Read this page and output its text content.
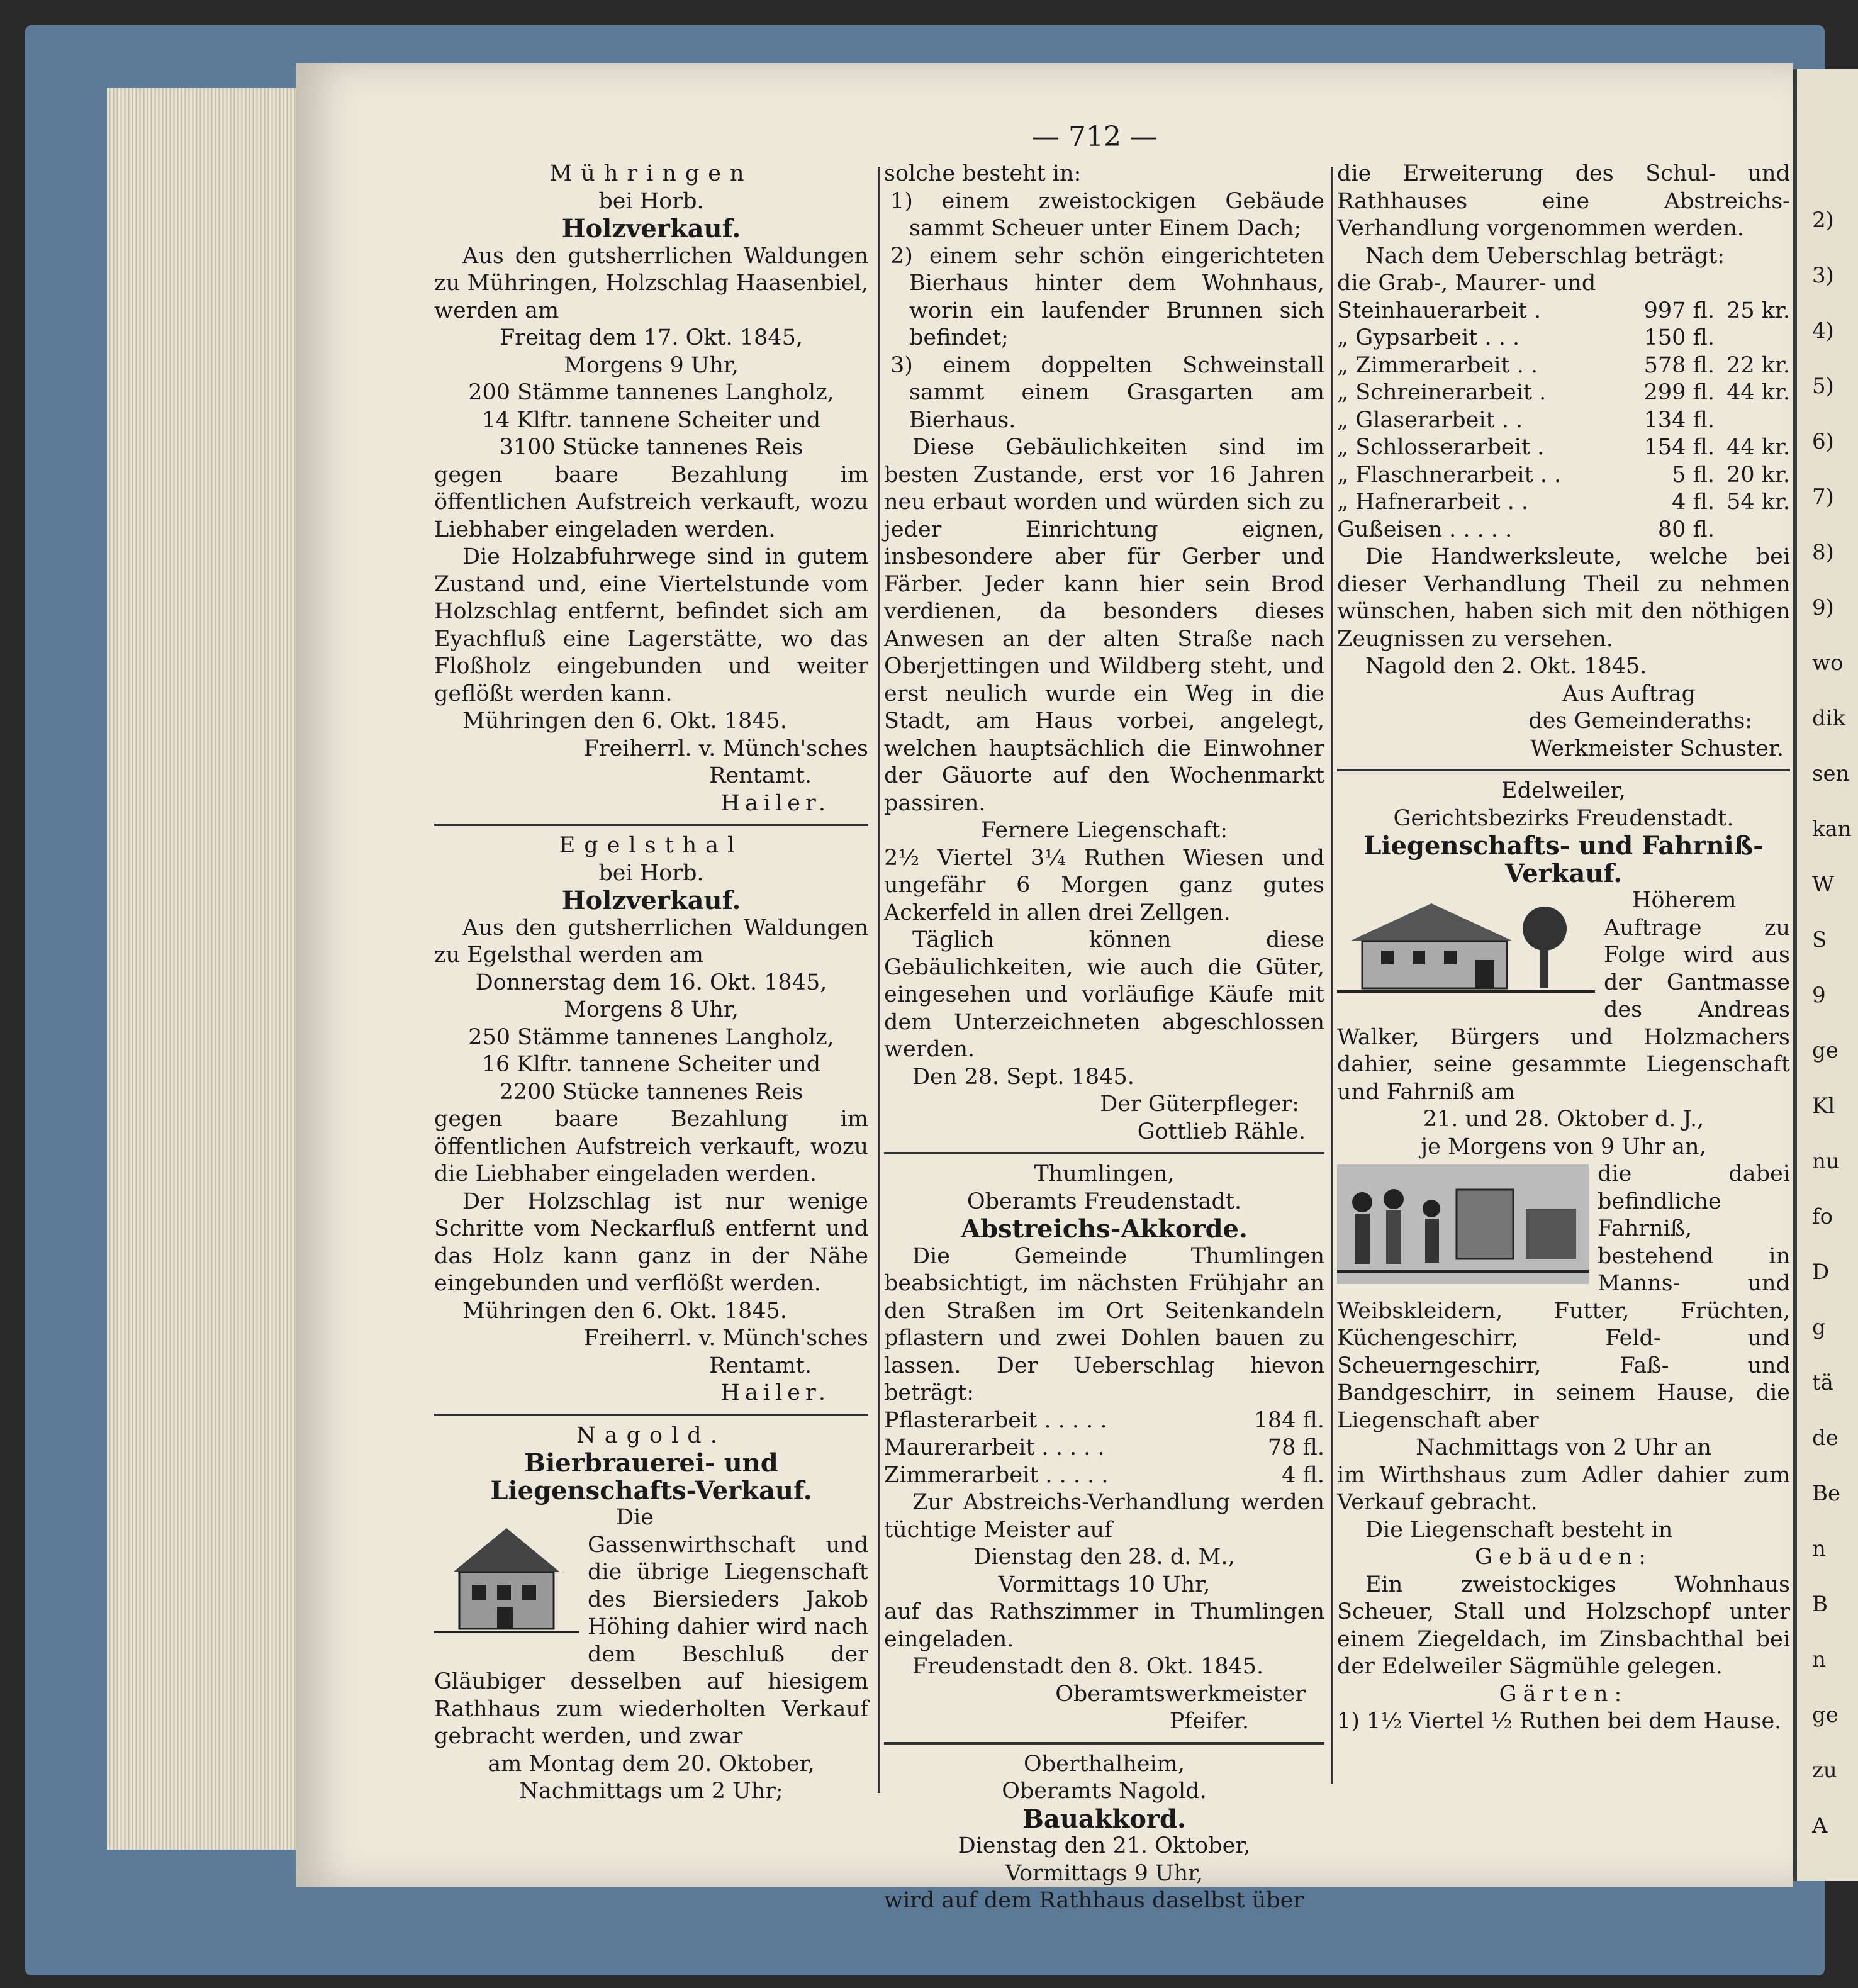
— 712 —

Mühringen

bei Horb.

Holzverkauf.

Aus den gutsherrlichen Waldungen zu Mühringen, Holzschlag Haasenbiel, werden am

Freitag dem 17. Okt. 1845,

Morgens 9 Uhr,

200 Stämme tannenes Langholz,

14 Klftr. tannene Scheiter und

3100 Stücke tannenes Reis

gegen baare Bezahlung im öffentlichen Aufstreich verkauft, wozu Liebhaber eingeladen werden.

Die Holzabfuhrwege sind in gutem Zustand und, eine Viertelstunde vom Holzschlag entfernt, befindet sich am Eyachfluß eine Lagerstätte, wo das Floßholz eingebunden und weiter geflößt werden kann.

Mühringen den 6. Okt. 1845.

Freiherrl. v. Münch'sches

Rentamt.

Hailer.

Egelsthal

bei Horb.

Holzverkauf.

Aus den gutsherrlichen Waldungen zu Egelsthal werden am

Donnerstag dem 16. Okt. 1845,

Morgens 8 Uhr,

250 Stämme tannenes Langholz,

16 Klftr. tannene Scheiter und

2200 Stücke tannenes Reis

gegen baare Bezahlung im öffentlichen Aufstreich verkauft, wozu die Liebhaber eingeladen werden.

Der Holzschlag ist nur wenige Schritte vom Neckarfluß entfernt und das Holz kann ganz in der Nähe eingebunden und verflößt werden.

Mühringen den 6. Okt. 1845.

Freiherrl. v. Münch'sches

Rentamt.

Hailer.

Nagold.

Bierbrauerei- und Liegenschafts-Verkauf.

Die Gassenwirthschaft und die übrige Liegenschaft des Biersieders Jakob Höhing dahier wird nach dem Beschluß der Gläubiger desselben auf hiesigem Rathhaus zum wiederholten Verkauf gebracht werden, und zwar

am Montag dem 20. Oktober,

Nachmittags um 2 Uhr;

solche besteht in:

1) einem zweistockigen Gebäude sammt Scheuer unter Einem Dach;

2) einem sehr schön eingerichteten Bierhaus hinter dem Wohnhaus, worin ein laufender Brunnen sich befindet;

3) einem doppelten Schweinstall sammt einem Grasgarten am Bierhaus.

Diese Gebäulichkeiten sind im besten Zustande, erst vor 16 Jahren neu erbaut worden und würden sich zu jeder Einrichtung eignen, insbesondere aber für Gerber und Färber. Jeder kann hier sein Brod verdienen, da besonders dieses Anwesen an der alten Straße nach Oberjettingen und Wildberg steht, und erst neulich wurde ein Weg in die Stadt, am Haus vorbei, angelegt, welchen hauptsächlich die Einwohner der Gäuorte auf den Wochenmarkt passiren.

Fernere Liegenschaft:

2½ Viertel 3¼ Ruthen Wiesen und ungefähr 6 Morgen ganz gutes Ackerfeld in allen drei Zellgen.

Täglich können diese Gebäulichkeiten, wie auch die Güter, eingesehen und vorläufige Käufe mit dem Unterzeichneten abgeschlossen werden.

Den 28. Sept. 1845.

Der Güterpfleger:

Gottlieb Rähle.

Thumlingen,

Oberamts Freudenstadt.

Abstreichs-Akkorde.

Die Gemeinde Thumlingen beabsichtigt, im nächsten Frühjahr an den Straßen im Ort Seitenkandeln pflastern und zwei Dohlen bauen zu lassen. Der Ueberschlag hievon beträgt:

Pflasterarbeit . . . . .	184 fl.
Maurerarbeit . . . . .	78 fl.
Zimmerarbeit . . . . .	4 fl.

Zur Abstreichs-Verhandlung werden tüchtige Meister auf

Dienstag den 28. d. M.,

Vormittags 10 Uhr,

auf das Rathszimmer in Thumlingen eingeladen.

Freudenstadt den 8. Okt. 1845.

Oberamtswerkmeister

Pfeifer.

Oberthalheim,

Oberamts Nagold.

Bauakkord.

Dienstag den 21. Oktober,

Vormittags 9 Uhr,

wird auf dem Rathhaus daselbst über

die Erweiterung des Schul- und Rathhauses eine Abstreichs-Verhandlung vorgenommen werden.

Nach dem Ueberschlag beträgt:

die Grab-, Maurer- und

Steinhauerarbeit .	997 fl. 25 kr.
„ Gypsarbeit . . .	150 fl.
„ Zimmerarbeit . .	578 fl. 22 kr.
„ Schreinerarbeit .	299 fl. 44 kr.
„ Glaserarbeit . .	134 fl.
„ Schlosserarbeit .	154 fl. 44 kr.
„ Flaschnerarbeit . .	5 fl. 20 kr.
„ Hafnerarbeit . .	4 fl. 54 kr.
Gußeisen . . . . .	80 fl.

Die Handwerksleute, welche bei dieser Verhandlung Theil zu nehmen wünschen, haben sich mit den nöthigen Zeugnissen zu versehen.

Nagold den 2. Okt. 1845.

Aus Auftrag

des Gemeinderaths:

Werkmeister Schuster.

Edelweiler,

Gerichtsbezirks Freudenstadt.

Liegenschafts- und Fahrniß-Verkauf.

Höherem Auftrage zu Folge wird aus der Gantmasse des Andreas Walker, Bürgers und Holzmachers dahier, seine gesammte Liegenschaft und Fahrniß am

21. und 28. Oktober d. J.,

je Morgens von 9 Uhr an,

die dabei befindliche Fahrniß, bestehend in Manns- und Weibskleidern, Futter, Früchten, Küchengeschirr, Feld- und Scheuerngeschirr, Faß- und Bandgeschirr, in seinem Hause, die Liegenschaft aber

Nachmittags von 2 Uhr an

im Wirthshaus zum Adler dahier zum Verkauf gebracht.

Die Liegenschaft besteht in

Gebäuden:

Ein zweistockiges Wohnhaus Scheuer, Stall und Holzschopf unter einem Ziegeldach, im Zinsbachthal bei der Edelweiler Sägmühle gelegen.

Gärten:

1) 1½ Viertel ½ Ruthen bei dem Hause.

2)
3)
4)
5)
6)
7)
8)
9)
wo
dik
sen
kan
W
S
9
ge
Kl
nu
fo
D
g
tä
de
Be
n
B
n
ge
zu
A
